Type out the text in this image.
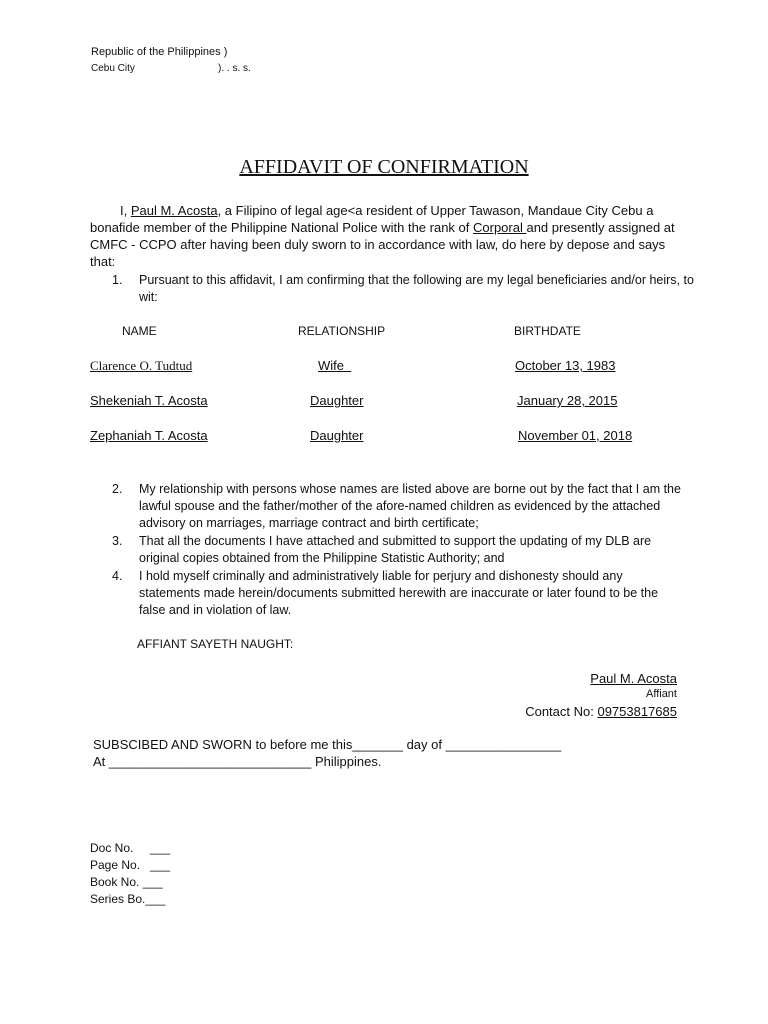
Republic of the Philippines )
Cebu City	). . s. s.
AFFIDAVIT OF CONFIRMATION
I, Paul M. Acosta, a Filipino of legal age<a resident of Upper Tawason, Mandaue City Cebu a bonafide member of the Philippine National Police with the rank of Corporal and presently assigned at CMFC - CCPO after having been duly sworn to in accordance with law, do here by depose and says that:
1.	Pursuant to this affidavit, I am confirming that the following are my legal beneficiaries and/or heirs, to wit:
NAME	RELATIONSHIP	BIRTHDATE
Clarence O. Tudtud	Wife	October 13, 1983
Shekeniah T. Acosta	Daughter	January 28, 2015
Zephaniah T. Acosta	Daughter	November 01, 2018
2.	My relationship with persons whose names are listed above are borne out by the fact that I am the lawful spouse and the father/mother of the afore-named children as evidenced by the attached advisory on marriages, marriage contract and birth certificate;
3.	That all the documents I have attached and submitted to support the updating of my DLB are original copies obtained from the Philippine Statistic Authority; and
4.	I hold myself criminally and administratively liable for perjury and dishonesty should any statements made herein/documents submitted herewith are inaccurate or later found to be the false and in violation of law.
AFFIANT SAYETH NAUGHT:
Paul M. Acosta
Affiant
Contact No: 09753817685
SUBSCIBED AND SWORN to before me this_______ day of ________________
At ____________________________ Philippines.
Doc No.     ___
Page No.   ___
Book No. ___
Series Bo.___
